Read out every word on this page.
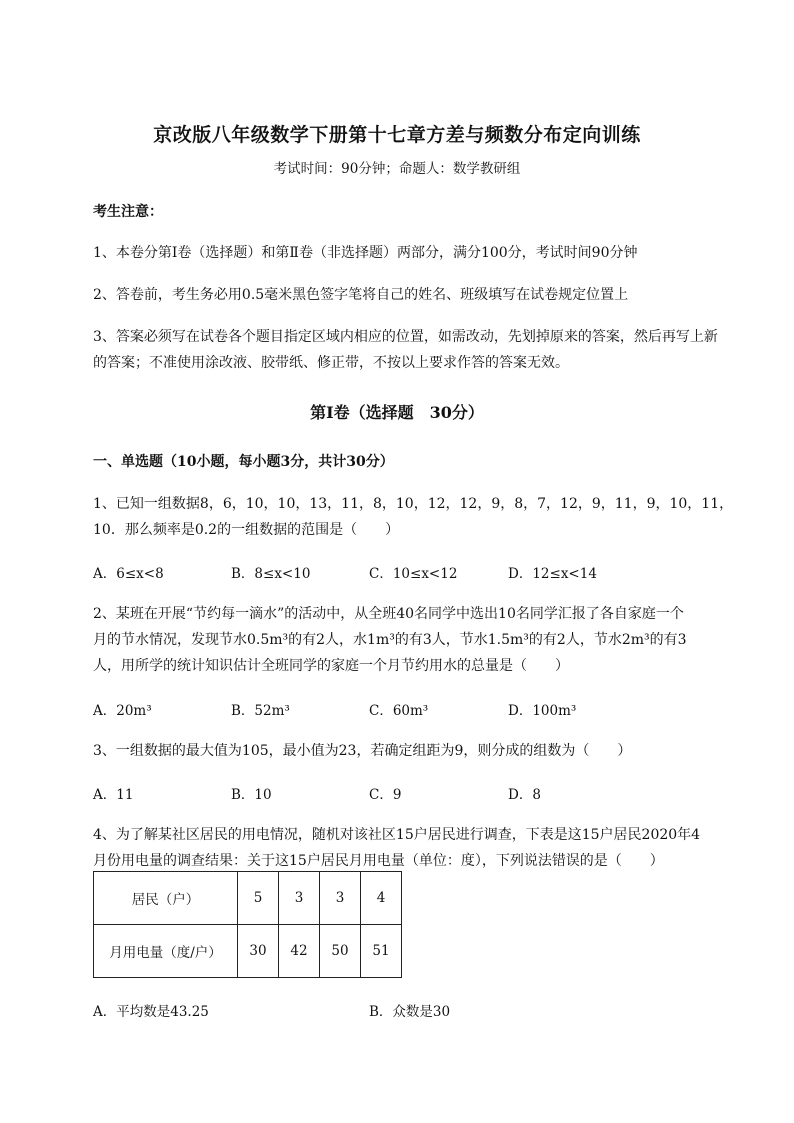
京改版八年级数学下册第十七章方差与频数分布定向训练
考试时间：90分钟；命题人：数学教研组
考生注意：
1、本卷分第I卷（选择题）和第Ⅱ卷（非选择题）两部分，满分100分，考试时间90分钟
2、答卷前，考生务必用0.5毫米黑色签字笔将自己的姓名、班级填写在试卷规定位置上
3、答案必须写在试卷各个题目指定区域内相应的位置，如需改动，先划掉原来的答案，然后再写上新
的答案；不准使用涂改液、胶带纸、修正带，不按以上要求作答的答案无效。
第I卷（选择题　30分）
一、单选题（10小题，每小题3分，共计30分）
1、已知一组数据8，6，10，10，13，11，8，10，12，12，9，8，7，12，9，11，9，10，11，
10．那么频率是0.2的一组数据的范围是（　　）
A．6≤x<8	B．8≤x<10	C．10≤x<12	D．12≤x<14
2、某班在开展“节约每一滴水”的活动中，从全班40名同学中选出10名同学汇报了各自家庭一个
月的节水情况，发现节水0.5m³的有2人，水1m³的有3人，节水1.5m³的有2人，节水2m³的有3
人，用所学的统计知识估计全班同学的家庭一个月节约用水的总量是（　　）
A．20m³	B．52m³	C．60m³	D．100m³
3、一组数据的最大值为105，最小值为23，若确定组距为9，则分成的组数为（　　）
A．11	B．10	C．9	D．8
4、为了解某社区居民的用电情况，随机对该社区15户居民进行调查，下表是这15户居民2020年4
月份用电量的调查结果：关于这15户居民月用电量（单位：度），下列说法错误的是（　　）
居民（户）	5	3	3	4
月用电量（度/户）	30	42	50	51
A．平均数是43.25	B．众数是30
